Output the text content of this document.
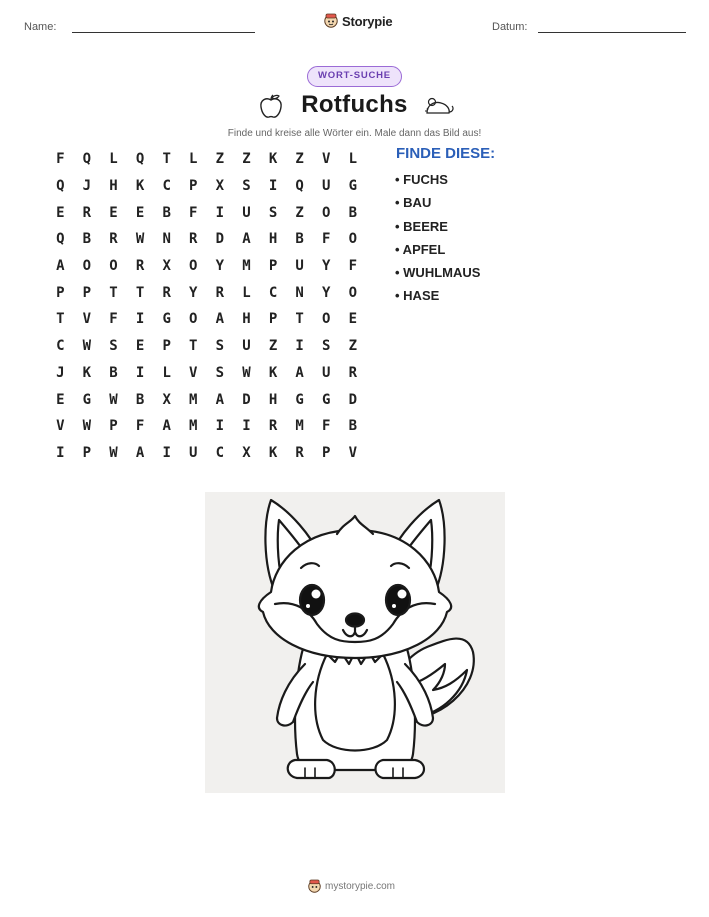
Name:	Storypie	Datum:
WORT-SUCHE
Rotfuchs
Finde und kreise alle Wörter ein. Male dann das Bild aus!
F	Q	L	Q	T	L	Z	Z	K	Z	V	L
Q	J	H	K	C	P	X	S	I	Q	U	G
E	R	E	E	B	F	I	U	S	Z	O	B
Q	B	R	W	N	R	D	A	H	B	F	O
A	O	O	R	X	O	Y	M	P	U	Y	F
P	P	T	T	R	Y	R	L	C	N	Y	O
T	V	F	I	G	O	A	H	P	T	O	E
C	W	S	E	P	T	S	U	Z	I	S	Z
J	K	B	I	L	V	S	W	K	A	U	R
E	G	W	B	X	M	A	D	H	G	G	D
V	W	P	F	A	M	I	I	R	M	F	B
I	P	W	A	I	U	C	X	K	R	P	V
FINDE DIESE:
• FUCHS
• BAU
• BEERE
• APFEL
• WUHLMAUS
• HASE
mystorypie.com
